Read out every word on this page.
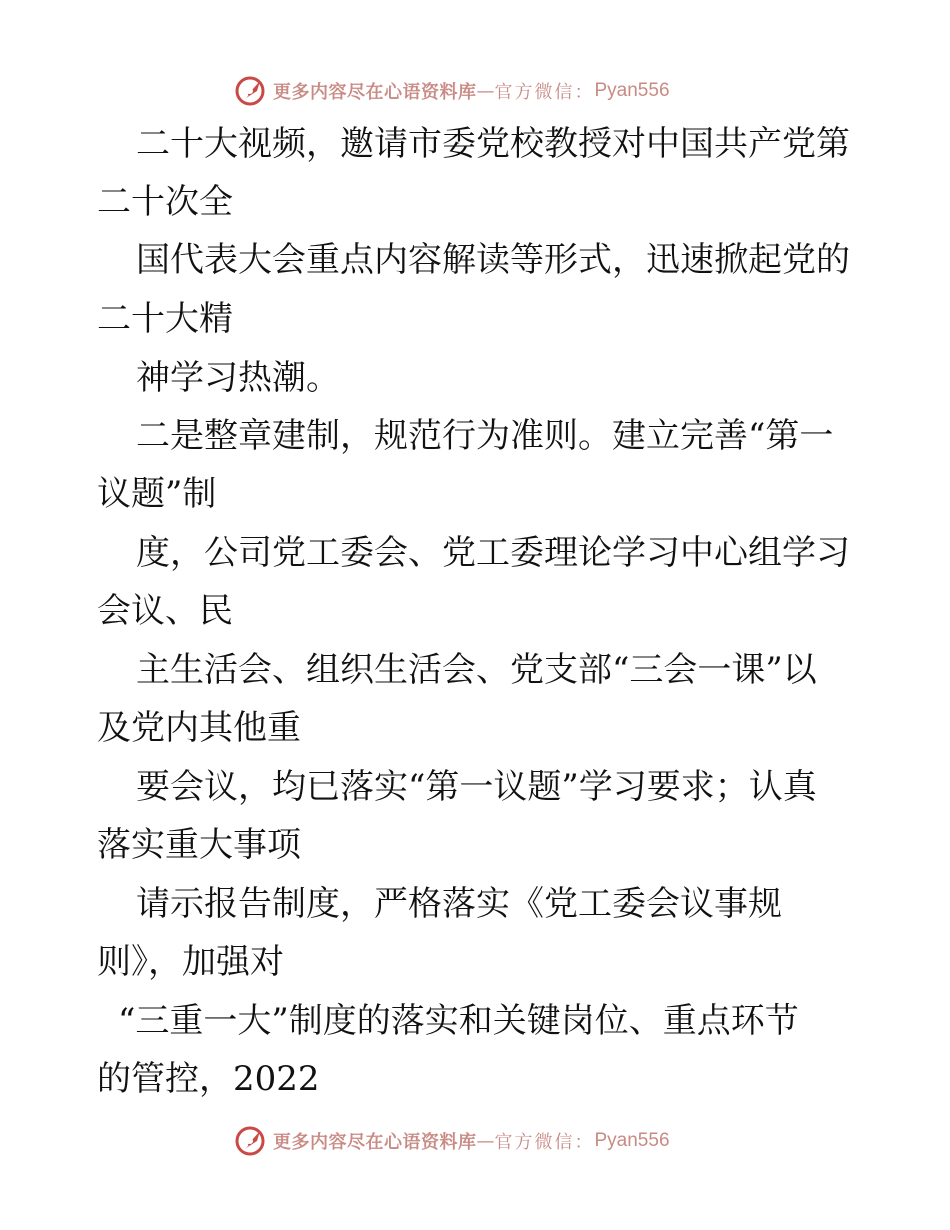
更多内容尽在心语资料库 — 官方微信： Pyan556

二十大视频，邀请市委党校教授对中国共产党第

二十次全

国代表大会重点内容解读等形式，迅速掀起党的

二十大精

神学习热潮。

二是整章建制，规范行为准则。建立完善“第一

议题”制

度，公司党工委会、党工委理论学习中心组学习

会议、民

主生活会、组织生活会、党支部“三会一课”以

及党内其他重

要会议，均已落实“第一议题”学习要求；认真

落实重大事项

请示报告制度，严格落实《党工委会议事规

则》，加强对

“三重一大”制度的落实和关键岗位、重点环节

的管控，2022

更多内容尽在心语资料库 — 官方微信： Pyan556
